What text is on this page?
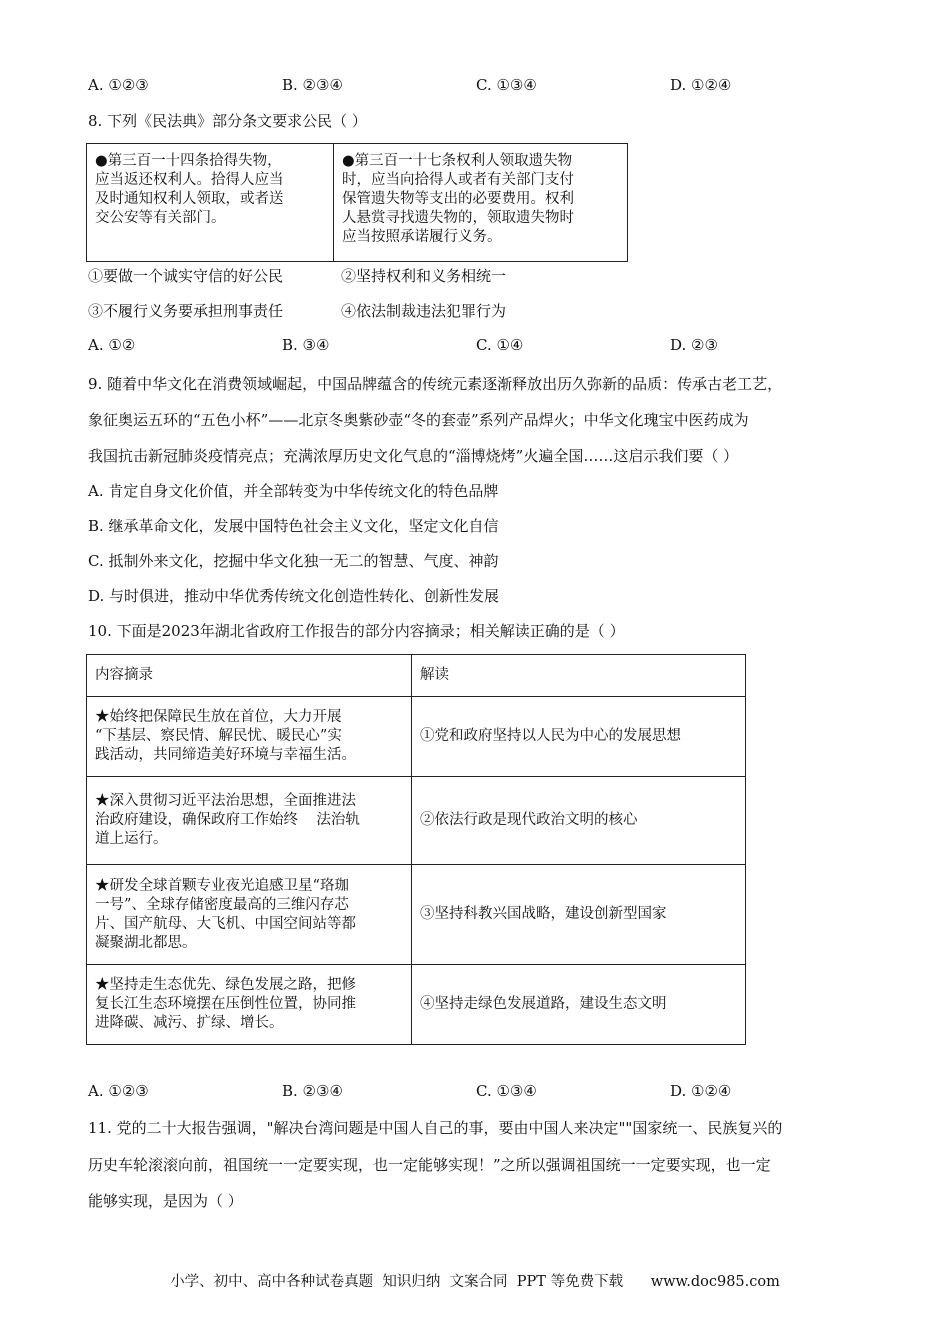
A. ①②③	B. ②③④	C. ①③④	D. ①②④
8. 下列《民法典》部分条文要求公民（ ）
●第三百一十四条拾得失物，
应当返还权利人。拾得人应当
及时通知权利人领取，或者送
交公安等有关部门。

●第三百一十七条权利人领取遗失物
时，应当向拾得人或者有关部门支付
保管遗失物等支出的必要费用。权利
人悬赏寻找遗失物的，领取遗失物时
应当按照承诺履行义务。
①要做一个诚实守信的好公民	②坚持权利和义务相统一
③不履行义务要承担刑事责任	④依法制裁违法犯罪行为
A. ①②	B. ③④	C. ①④	D. ②③
9. 随着中华文化在消费领域崛起，中国品牌蕴含的传统元素逐渐释放出历久弥新的品质：传承古老工艺，
象征奥运五环的“五色小杯”——北京冬奥紫砂壶“冬的套壶”系列产品焊火；中华文化瑰宝中医药成为
我国抗击新冠肺炎疫情亮点；充满浓厚历史文化气息的“淄博烧烤”火遍全国……这启示我们要（ ）
A. 肯定自身文化价值，并全部转变为中华传统文化的特色品牌
B. 继承革命文化，发展中国特色社会主义文化，坚定文化自信
C. 抵制外来文化，挖掘中华文化独一无二的智慧、气度、神韵
D. 与时俱进，推动中华优秀传统文化创造性转化、创新性发展
10. 下面是2023年湖北省政府工作报告的部分内容摘录；相关解读正确的是（ ）
内容摘录	解读

★始终把保障民生放在首位，大力开展
“下基层、察民情、解民忧、暖民心”实
践活动，共同缔造美好环境与幸福生活。	①党和政府坚持以人民为中心的发展思想

★深入贯彻习近平法治思想，全面推进法
治政府建设，确保政府工作始终    法治轨
道上运行。	②依法行政是现代政治文明的核心

★研发全球首颗专业夜光追感卫星“珞珈
一号”、全球存储密度最高的三维闪存芯
片、国产航母、大飞机、中国空间站等都
凝聚湖北都思。	③坚持科教兴国战略，建设创新型国家

★坚持走生态优先、绿色发展之路，把修
复长江生态环境摆在压倒性位置，协同推
进降碳、减污、扩绿、增长。	④坚持走绿色发展道路，建设生态文明
A. ①②③	B. ②③④	C. ①③④	D. ①②④
11. 党的二十大报告强调，"解决台湾问题是中国人自己的事，要由中国人来决定""国家统一、民族复兴的
历史车轮滚滚向前，祖国统一一定要实现，也一定能够实现！”之所以强调祖国统一一定要实现，也一定
能够实现，是因为（ ）
小学、初中、高中各种试卷真题  知识归纳  文案合同  PPT 等免费下载      www.doc985.com
